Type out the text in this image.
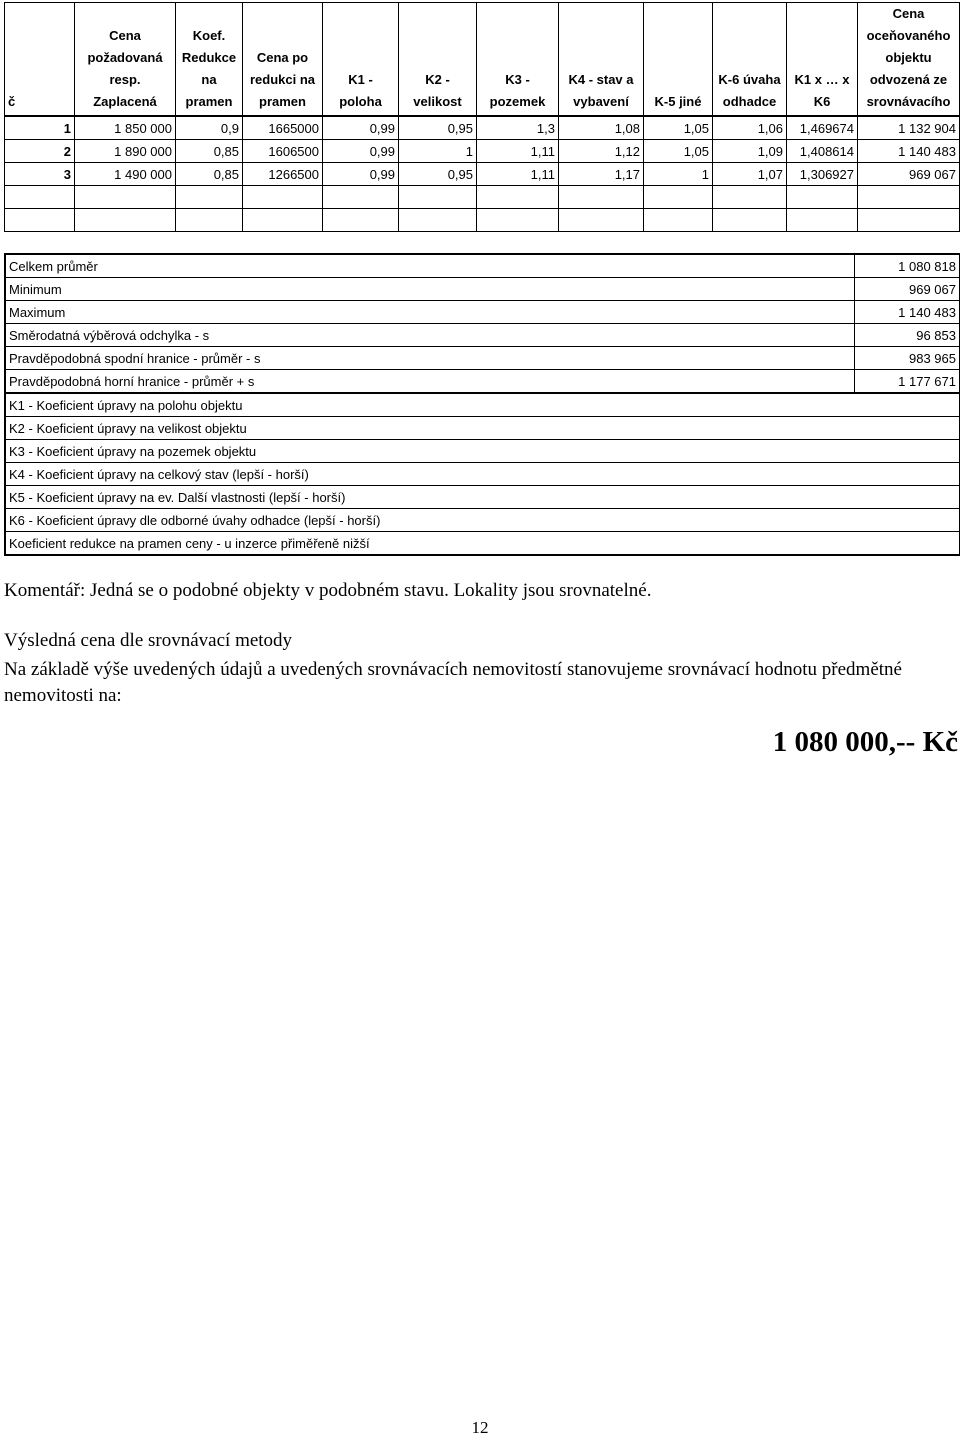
č	Cena požadovaná resp. Zaplacená	Koef. Redukce na pramen	Cena po redukci na pramen	K1 - poloha	K2 - velikost	K3 - pozemek	K4 - stav a vybavení	K-5 jiné	K-6 úvaha odhadce	K1 x … x K6	Cena oceňovaného objektu odvozená ze srovnávacího
1	1 850 000	0,9	1665000	0,99	0,95	1,3	1,08	1,05	1,06	1,469674	1 132 904
2	1 890 000	0,85	1606500	0,99	1	1,11	1,12	1,05	1,09	1,408614	1 140 483
3	1 490 000	0,85	1266500	0,99	0,95	1,11	1,17	1	1,07	1,306927	969 067

Celkem průměr	1 080 818
Minimum	969 067
Maximum	1 140 483
Směrodatná výběrová odchylka - s	96 853
Pravděpodobná spodní hranice - průměr - s	983 965
Pravděpodobná horní hranice - průměr + s	1 177 671
K1 - Koeficient úpravy na polohu objektu	
K2 - Koeficient úpravy na velikost objektu	
K3 - Koeficient úpravy na pozemek objektu	
K4 - Koeficient úpravy na celkový stav (lepší - horší)	
K5 - Koeficient úpravy na ev. Další vlastnosti (lepší - horší)	
K6 - Koeficient úpravy dle odborné úvahy odhadce (lepší - horší)	
Koeficient redukce na pramen ceny - u inzerce přiměřeně nižší	
Komentář: Jedná se o podobné objekty v podobném stavu. Lokality jsou srovnatelné.
Výsledná cena dle srovnávací metody
Na základě výše uvedených údajů a uvedených srovnávacích nemovitostí stanovujeme srovnávací hodnotu předmětné nemovitosti na:
1 080 000,-- Kč
12
